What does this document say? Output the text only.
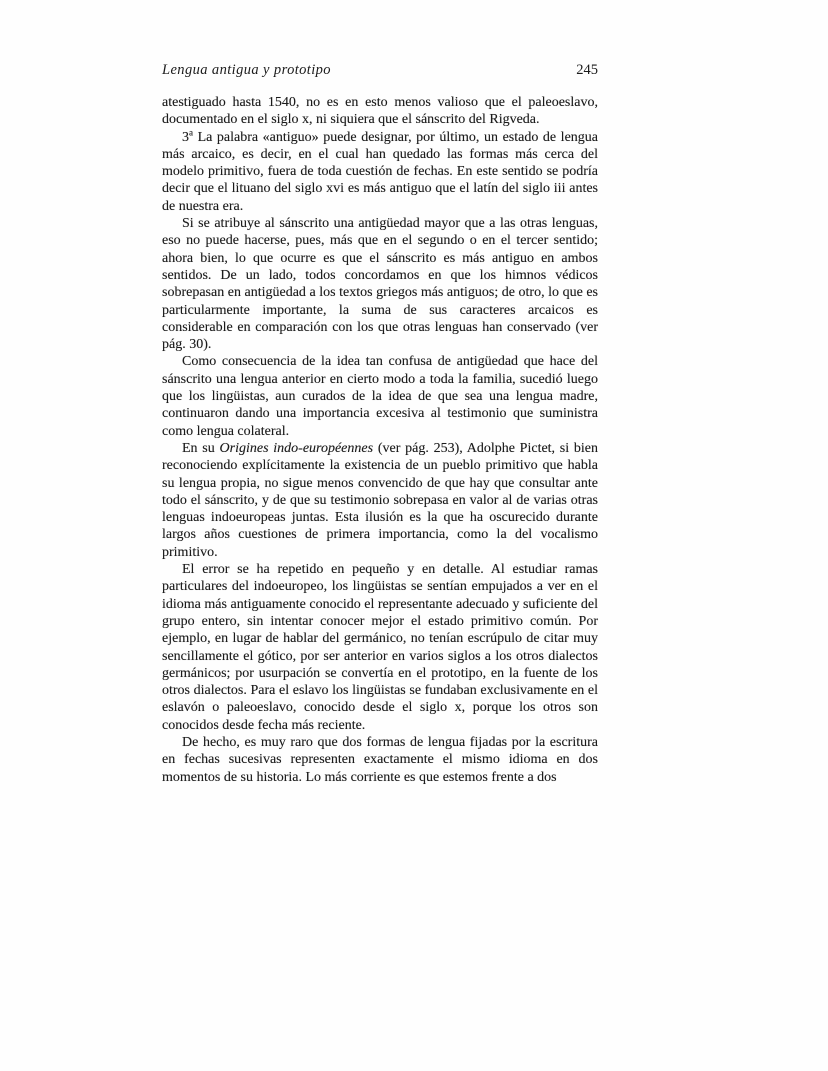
Lengua antigua y prototipo	245

atestiguado hasta 1540, no es en esto menos valioso que el paleoeslavo, documentado en el siglo x, ni siquiera que el sánscrito del Rigveda.

3$^a$ La palabra «antiguo» puede designar, por último, un estado de lengua más arcaico, es decir, en el cual han quedado las formas más cerca del modelo primitivo, fuera de toda cuestión de fechas. En este sentido se podría decir que el lituano del siglo xvi es más antiguo que el latín del siglo iii antes de nuestra era.

Si se atribuye al sánscrito una antigüedad mayor que a las otras lenguas, eso no puede hacerse, pues, más que en el segundo o en el tercer sentido; ahora bien, lo que ocurre es que el sánscrito es más antiguo en ambos sentidos. De un lado, todos concordamos en que los himnos védicos sobrepasan en antigüedad a los textos griegos más antiguos; de otro, lo que es particularmente importante, la suma de sus caracteres arcaicos es considerable en comparación con los que otras lenguas han conservado (ver pág. 30).

Como consecuencia de la idea tan confusa de antigüedad que hace del sánscrito una lengua anterior en cierto modo a toda la familia, sucedió luego que los lingüistas, aun curados de la idea de que sea una lengua madre, continuaron dando una importancia excesiva al testimonio que suministra como lengua colateral.

En su Origines indo-européennes (ver pág. 253), Adolphe Pictet, si bien reconociendo explícitamente la existencia de un pueblo primitivo que habla su lengua propia, no sigue menos convencido de que hay que consultar ante todo el sánscrito, y de que su testimonio sobrepasa en valor al de varias otras lenguas indoeuropeas juntas. Esta ilusión es la que ha oscurecido durante largos años cuestiones de primera importancia, como la del vocalismo primitivo.

El error se ha repetido en pequeño y en detalle. Al estudiar ramas particulares del indoeuropeo, los lingüistas se sentían empujados a ver en el idioma más antiguamente conocido el representante adecuado y suficiente del grupo entero, sin intentar conocer mejor el estado primitivo común. Por ejemplo, en lugar de hablar del germánico, no tenían escrúpulo de citar muy sencillamente el gótico, por ser anterior en varios siglos a los otros dialectos germánicos; por usurpación se convertía en el prototipo, en la fuente de los otros dialectos. Para el eslavo los lingüistas se fundaban exclusivamente en el eslavón o paleoeslavo, conocido desde el siglo x, porque los otros son conocidos desde fecha más reciente.

De hecho, es muy raro que dos formas de lengua fijadas por la escritura en fechas sucesivas representen exactamente el mismo idioma en dos momentos de su historia. Lo más corriente es que estemos frente a dos
